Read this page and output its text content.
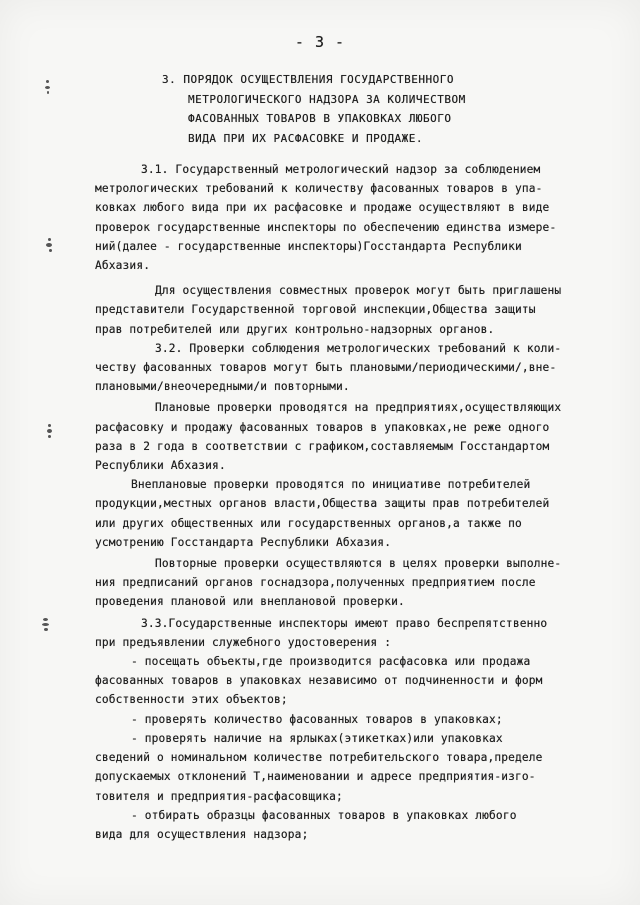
- 3 -
3. ПОРЯДОК ОСУЩЕСТВЛЕНИЯ ГОСУДАРСТВЕННОГО
МЕТРОЛОГИЧЕСКОГО НАДЗОРА ЗА КОЛИЧЕСТВОМ
ФАСОВАННЫХ ТОВАРОВ В УПАКОВКАХ ЛЮБОГО
ВИДА ПРИ ИХ РАСФАСОВКЕ И ПРОДАЖЕ.
3.1. Государственный метрологический надзор за соблюдением
метрологических требований к количеству фасованных товаров в упа-
ковках любого вида при их расфасовке и продаже осуществляют в виде
проверок государственные инспекторы по обеспечению единства измере-
ний(далее - государственные инспекторы)Госстандарта Республики
Абхазия.
Для осуществления совместных проверок могут быть приглашены
представители Государственной торговой инспекции,Общества защиты
прав потребителей или других контрольно-надзорных органов.
3.2. Проверки соблюдения метрологических требований к коли-
честву фасованных товаров могут быть плановыми/периодическими/,вне-
плановыми/внеочередными/и повторными.
Плановые проверки проводятся на предприятиях,осуществляющих
расфасовку и продажу фасованных товаров в упаковках,не реже одного
раза в 2 года в соответствии с графиком,составляемым Госстандартом
Республики Абхазия.
Внеплановые проверки проводятся по инициативе потребителей
продукции,местных органов власти,Общества защиты прав потребителей
или других общественных или государственных органов,а также по
усмотрению Госстандарта Республики Абхазия.
Повторные проверки осуществляются в целях проверки выполне-
ния предписаний органов госнадзора,полученных предприятием после
проведения плановой или внеплановой проверки.
3.3.Государственные инспекторы имеют право беспрепятственно
при предъявлении служебного удостоверения :
- посещать объекты,где производится расфасовка или продажа
фасованных товаров в упаковках независимо от подчиненности и форм
собственности этих объектов;
- проверять количество фасованных товаров в упаковках;
- проверять наличие на ярлыках(этикетках)или упаковках
сведений о номинальном количестве потребительского товара,пределе
допускаемых отклонений Т,наименовании и адресе предприятия-изго-
товителя и предприятия-расфасовщика;
- отбирать образцы фасованных товаров в упаковках любого
вида для осуществления надзора;
